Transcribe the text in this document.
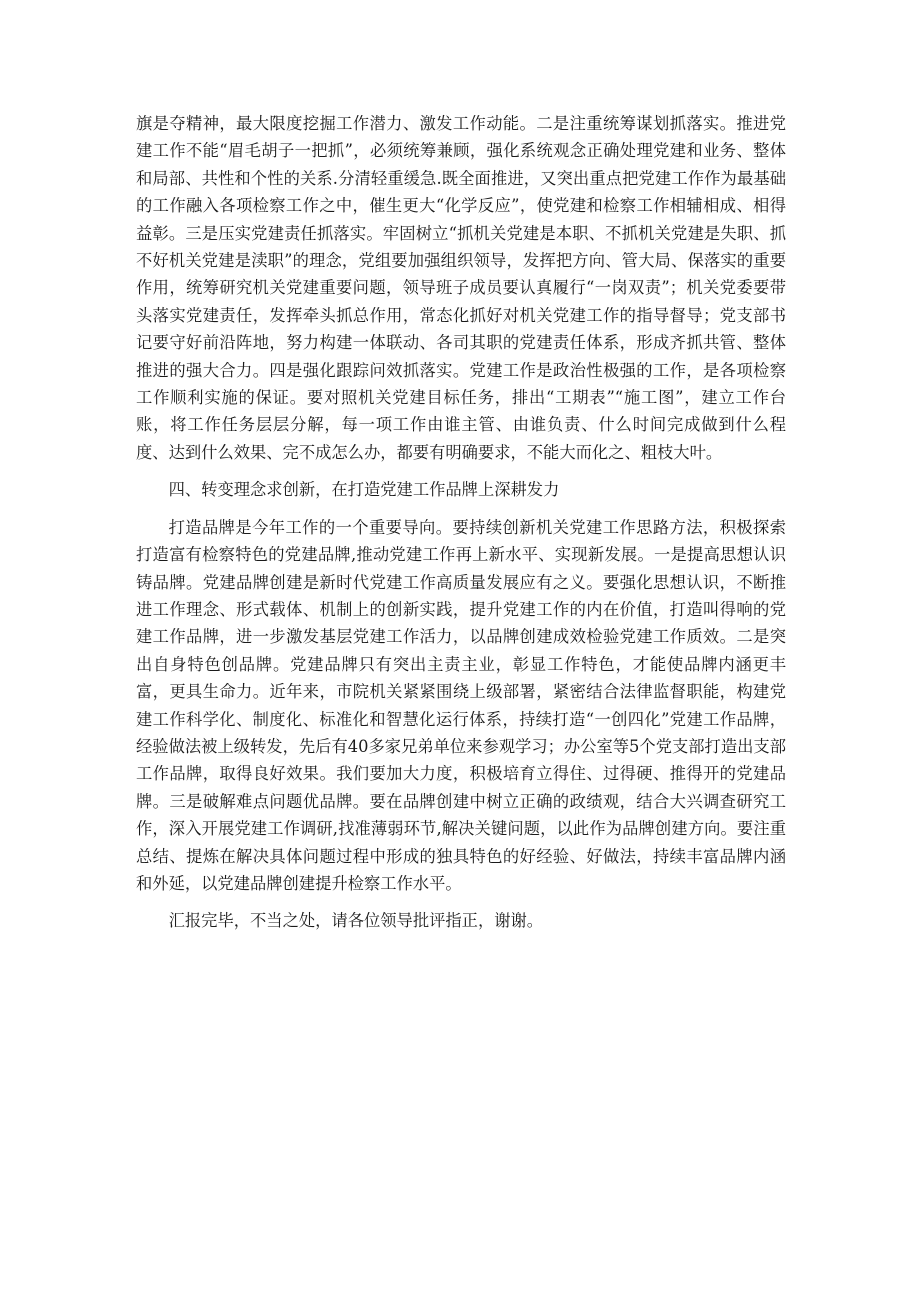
旗是夺精神，最大限度挖掘工作潜力、激发工作动能。二是注重统筹谋划抓落实。推进党建工作不能“眉毛胡子一把抓”，必须统筹兼顾，强化系统观念正确处理党建和业务、整体和局部、共性和个性的关系.分清轻重缓急.既全面推进，又突出重点把党建工作作为最基础的工作融入各项检察工作之中，催生更大“化学反应”，使党建和检察工作相辅相成、相得益彰。三是压实党建责任抓落实。牢固树立“抓机关党建是本职、不抓机关党建是失职、抓不好机关党建是渎职”的理念，党组要加强组织领导，发挥把方向、管大局、保落实的重要作用，统筹研究机关党建重要问题，领导班子成员要认真履行“一岗双责”；机关党委要带头落实党建责任，发挥牵头抓总作用，常态化抓好对机关党建工作的指导督导；党支部书记要守好前沿阵地，努力构建一体联动、各司其职的党建责任体系，形成齐抓共管、整体推进的强大合力。四是强化跟踪问效抓落实。党建工作是政治性极强的工作，是各项检察工作顺利实施的保证。要对照机关党建目标任务，排出“工期表”“施工图”，建立工作台账，将工作任务层层分解，每一项工作由谁主管、由谁负责、什么时间完成做到什么程度、达到什么效果、完不成怎么办，都要有明确要求，不能大而化之、粗枝大叶。

四、转变理念求创新，在打造党建工作品牌上深耕发力

打造品牌是今年工作的一个重要导向。要持续创新机关党建工作思路方法，积极探索打造富有检察特色的党建品牌,推动党建工作再上新水平、实现新发展。一是提高思想认识铸品牌。党建品牌创建是新时代党建工作高质量发展应有之义。要强化思想认识，不断推进工作理念、形式载体、机制上的创新实践，提升党建工作的内在价值，打造叫得响的党建工作品牌，进一步激发基层党建工作活力，以品牌创建成效检验党建工作质效。二是突出自身特色创品牌。党建品牌只有突出主责主业，彰显工作特色，才能使品牌内涵更丰富，更具生命力。近年来，市院机关紧紧围绕上级部署，紧密结合法律监督职能，构建党建工作科学化、制度化、标准化和智慧化运行体系，持续打造“一创四化”党建工作品牌，经验做法被上级转发，先后有40多家兄弟单位来参观学习；办公室等5个党支部打造出支部工作品牌，取得良好效果。我们要加大力度，积极培育立得住、过得硬、推得开的党建品牌。三是破解难点问题优品牌。要在品牌创建中树立正确的政绩观，结合大兴调查研究工作，深入开展党建工作调研,找准薄弱环节,解决关键问题，以此作为品牌创建方向。要注重总结、提炼在解决具体问题过程中形成的独具特色的好经验、好做法，持续丰富品牌内涵和外延，以党建品牌创建提升检察工作水平。

汇报完毕，不当之处，请各位领导批评指正，谢谢。
